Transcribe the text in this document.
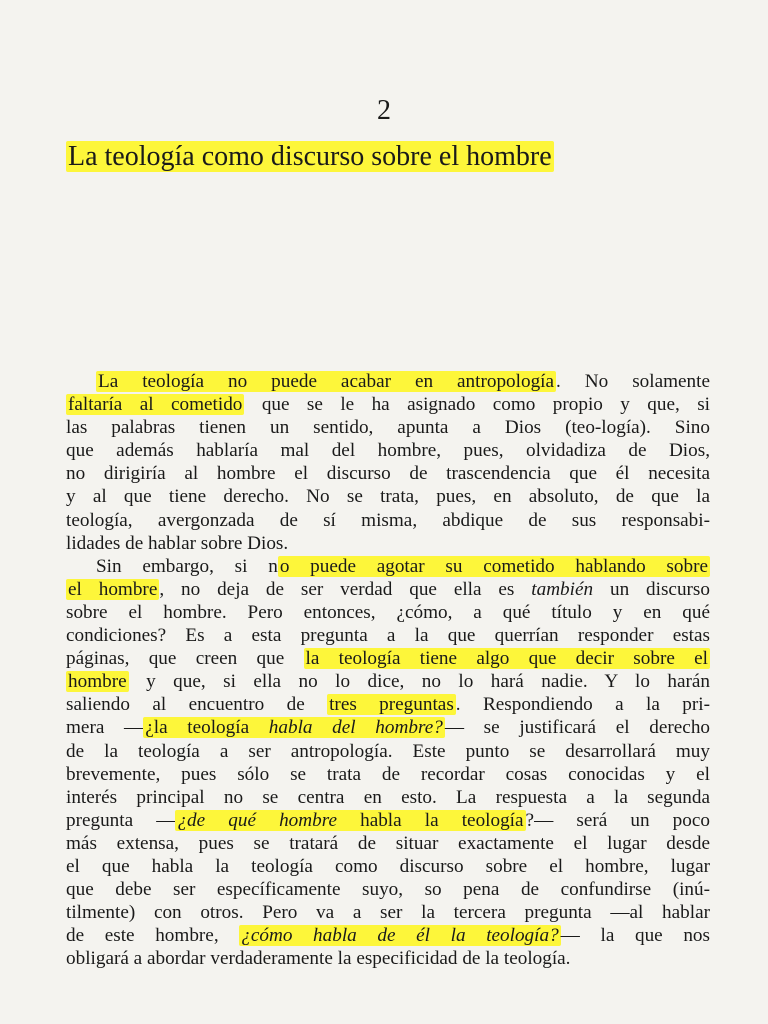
2
La teología como discurso sobre el hombre
La teología no puede acabar en antropología . No solamente
faltaría al cometido que se le ha asignado como propio y que, si
las palabras tienen un sentido, apunta a Dios (teo-logía). Sino
que además hablaría mal del hombre, pues, olvidadiza de Dios,
no dirigiría al hombre el discurso de trascendencia que él necesita
y al que tiene derecho. No se trata, pues, en absoluto, de que la
teología, avergonzada de sí misma, abdique de sus responsabi-
lidades de hablar sobre Dios.
Sin embargo, si n o puede agotar su cometido hablando sobre
el hombre , no deja de ser verdad que ella es también un discurso
sobre el hombre. Pero entonces, ¿cómo, a qué título y en qué
condiciones? Es a esta pregunta a la que querrían responder estas
páginas, que creen que la teología tiene algo que decir sobre el
hombre y que, si ella no lo dice, no lo hará nadie. Y lo harán
saliendo al encuentro de tres preguntas . Respondiendo a la pri-
mera — ¿la teología habla del hombre? — se justificará el derecho
de la teología a ser antropología. Este punto se desarrollará muy
brevemente, pues sólo se trata de recordar cosas conocidas y el
interés principal no se centra en esto. La respuesta a la segunda
pregunta — ¿de qué hombre habla la teología ?— será un poco
más extensa, pues se tratará de situar exactamente el lugar desde
el que habla la teología como discurso sobre el hombre, lugar
que debe ser específicamente suyo, so pena de confundirse (inú-
tilmente) con otros. Pero va a ser la tercera pregunta —al hablar
de este hombre, ¿cómo habla de él la teología? — la que nos
obligará a abordar verdaderamente la especificidad de la teología.
